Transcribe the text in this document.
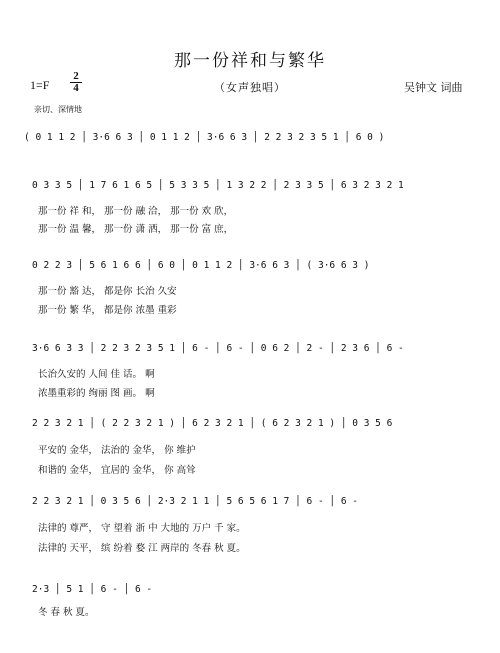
那一份祥和与繁华
（女声独唱）
1=F
2
4	吴钟文 词曲
亲切、深情地
( 0 1 1 2 │ 3·6 6 3 │ 0 1 1 2 │ 3·6 6 3 │ 2 2 3 2 3 5 1 │ 6 0 )
0 3 3 5 │ 1 7 6 1 6 5 │ 5 3 3 5 │ 1 3 2 2 │ 2 3 3 5 │ 6 3 2 3 2 1
那一份 祥 和， 那一份 融 洽， 那一份 欢 欣，
那一份 温 馨， 那一份 潇 洒， 那一份 富 庶，
0 2 2 3 │ 5 6 1 6 6 │ 6 0 │ 0 1 1 2 │ 3·6 6 3 │ ( 3·6 6 3 )
那一份 豁 达， 都是你 长治 久安
那一份 繁 华， 都是你 浓墨 重彩
3·6 6 3 3 │ 2 2 3 2 3 5 1 │ 6 - │ 6 - │ 0 6 2 │ 2 - │ 2 3 6 │ 6 -
长治久安的 人间 佳 话。 啊
浓墨重彩的 绚丽 图 画。 啊
2 2 3 2 1 │ ( 2 2 3 2 1 ) │ 6 2 3 2 1 │ ( 6 2 3 2 1 ) │ 0 3 5 6
平安的 金华， 法治的 金华， 你 维护
和谐的 金华， 宜居的 金华， 你 高耸
2 2 3 2 1 │ 0 3 5 6 │ 2·3 2 1 1 │ 5 6 5 6 1 7 │ 6 - │ 6 -
法律的 尊严， 守 望着 浙 中 大地的 万户 千 家。
法律的 天平， 缤 纷着 婺 江 两岸的 冬春 秋 夏。
2·3 │ 5 1 │ 6 - │ 6 -
冬 春 秋 夏。
